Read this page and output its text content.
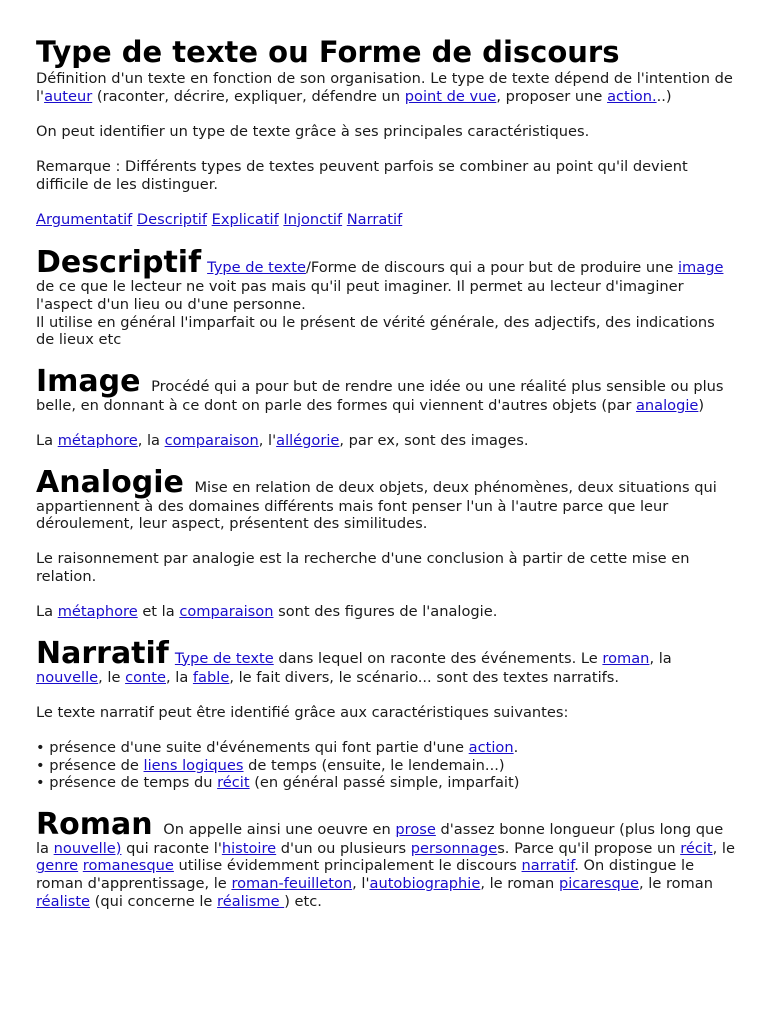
Type de texte ou Forme de discours

Définition d'un texte en fonction de son organisation. Le type de texte dépend de l'intention de l'auteur (raconter, décrire, expliquer, défendre un point de vue, proposer une action...)

On peut identifier un type de texte grâce à ses principales caractéristiques.

Remarque : Différents types de textes peuvent parfois se combiner au point qu'il devient difficile de les distinguer.

Argumentatif Descriptif Explicatif Injonctif Narratif

Descriptif Type de texte/Forme de discours qui a pour but de produire une image de ce que le lecteur ne voit pas mais qu'il peut imaginer. Il permet au lecteur d'imaginer l'aspect d'un lieu ou d'une personne.

Il utilise en général l'imparfait ou le présent de vérité générale, des adjectifs, des indications de lieux etc

Image Procédé qui a pour but de rendre une idée ou une réalité plus sensible ou plus belle, en donnant à ce dont on parle des formes qui viennent d'autres objets (par analogie)

La métaphore, la comparaison, l'allégorie, par ex, sont des images.

Analogie Mise en relation de deux objets, deux phénomènes, deux situations qui appartiennent à des domaines différents mais font penser l'un à l'autre parce que leur déroulement, leur aspect, présentent des similitudes.

Le raisonnement par analogie est la recherche d'une conclusion à partir de cette mise en relation.

La métaphore et la comparaison sont des figures de l'analogie.

Narratif Type de texte dans lequel on raconte des événements. Le roman, la nouvelle, le conte, la fable, le fait divers, le scénario... sont des textes narratifs.

Le texte narratif peut être identifié grâce aux caractéristiques suivantes:

• présence d'une suite d'événements qui font partie d'une action.

• présence de liens logiques de temps (ensuite, le lendemain...)

• présence de temps du récit (en général passé simple, imparfait)

Roman On appelle ainsi une oeuvre en prose d'assez bonne longueur (plus long que la nouvelle) qui raconte l'histoire d'un ou plusieurs personnages. Parce qu'il propose un récit, le genre romanesque utilise évidemment principalement le discours narratif. On distingue le roman d'apprentissage, le roman-feuilleton, l'autobiographie, le roman picaresque, le roman réaliste (qui concerne le réalisme ) etc.
